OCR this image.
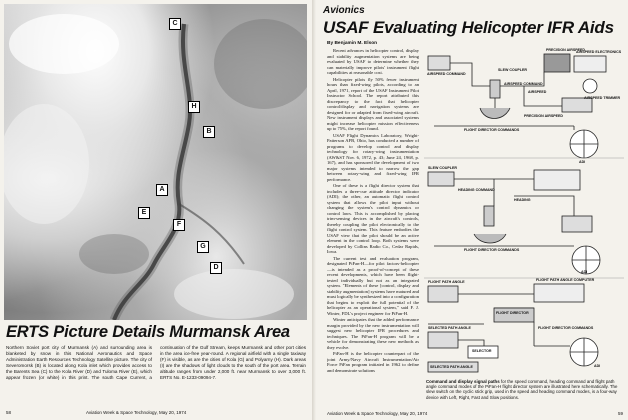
C
H
B
A
F
G
D
E
ERTS Picture Details Murmansk Area
Northern Soviet port city of Murmansk (A) and surrounding area is blanketed by snow in this National Aeronautics and Space Administration Earth Resources Technology Satellite picture. The city of Severomorsk (B) is located along Kola inlet which provides access to the Barents Sea (C) to the Kola River (D) and Tuloma River (E), which appear frozen (or white) in this print. The south Cape Current, a continuation of the Gulf Stream, keeps Murmansk and other port cities in the area ice-free year-round. A regional airfield with a single taxiway (F) is visible, as are the cities of Kola (G) and Polyarny (H). Dark areas (I) are the shadows of light clouds to the south of the port area. Terrain altitude ranges from under 2,000 ft. near Murmansk to over 3,000 ft. ERTS No. E-1233-09094-7.
58	Aviation Week & Space Technology, May 20, 1974
Avionics
USAF Evaluating Helicopter IFR Aids
By Benjamin M. Elson

Recent advances in helicopter control, display and stability augmentation systems are being evaluated by USAF to determine whether they can materially improve pilots' instrument flight capabilities at reasonable cost.

Helicopter pilots fly 50% fewer instrument hours than fixed-wing pilots, according to an April, 1971, report of the USAF Instrument Pilot Instructor School. The report attributed this discrepancy to the fact that helicopter control/display and navigation systems are designed for or adapted from fixed-wing aircraft. New instrument displays and associated systems might increase helicopter mission effectiveness up to 75%, the report found.

USAF Flight Dynamics Laboratory, Wright-Patterson AFB, Ohio, has conducted a number of programs to develop control and display technology for rotary-wing instrumentation (AW&ST Nov. 6, 1972, p. 43; June 24, 1968, p. 167), and has sponsored the development of two major systems intended to narrow the gap between rotary-wing and fixed-wing IFR performance.

One of these is a flight director system that includes a three-cue attitude director indicator (ADI); the other, an automatic flight control system that allows the pilot input without changing the system's control dynamics or control laws. This is accomplished by placing trim-sensing devices in the aircraft's controls, thereby coupling the pilot electronically to the flight control system. This feature embodies the USAF view that the pilot should be an active element in the control loop. Both systems were developed by Collins Radio Co., Cedar Rapids, Iowa.

The current test and evaluation program, designated PiFan-H—for pilot factors-helicopter—is intended as a proof-of-concept of these recent developments, which have been flight-tested individually but not as an integrated system. "Elements of these [control, display and stability augmentation] systems have matured and must logically be synthesized into a configuration that begins to exploit the full potential of the helicopter as an operational system," said F. J. Winter, FDL's project engineer for PiFan-H.

Winter anticipates that the added performance margin provided by the new instrumentation will suggest new helicopter IFR procedures and techniques. The PiFan-H program will be a vehicle for demonstrating these new methods as they evolve.

PiFan-H is the helicopter counterpart of the joint Army/Navy Aircraft Instrumentation/Air Force PiFan program initiated in 1962 to define and demonstrate solutions

AIRSPEED COMMAND
SLEW COUPLER
PRECISION AIRSPEED
AIRSPEED ELECTRONICS
AIRSPEED COMMAND
AIRSPEED
AIRSPEED TRIMMER
PRECISION AIRSPEED
FLIGHT DIRECTOR COMMANDS
ADI
SLEW COUPLER
HEADING COMMAND
HEADING
FLIGHT DIRECTOR COMMANDS
ADI
FLIGHT PATH ANGLE	FLIGHT PATH ANGLE COMPUTER
FLIGHT DIRECTOR
FLIGHT DIRECTOR COMMANDS
SELECTED PATH ANGLE
SELECTOR
SELECTED PATH ANGLE	ADI
Command and display signal paths for the speed command, heading command and flight path angle command modes of the PiFan-H flight director system are illustrated here schematically. The slew switch on the cyclic stick grip, used in the speed and heading command modes, is a four-way device with Left, Right, Fast and Slow positions.
Aviation Week & Space Technology, May 20, 1974	59
